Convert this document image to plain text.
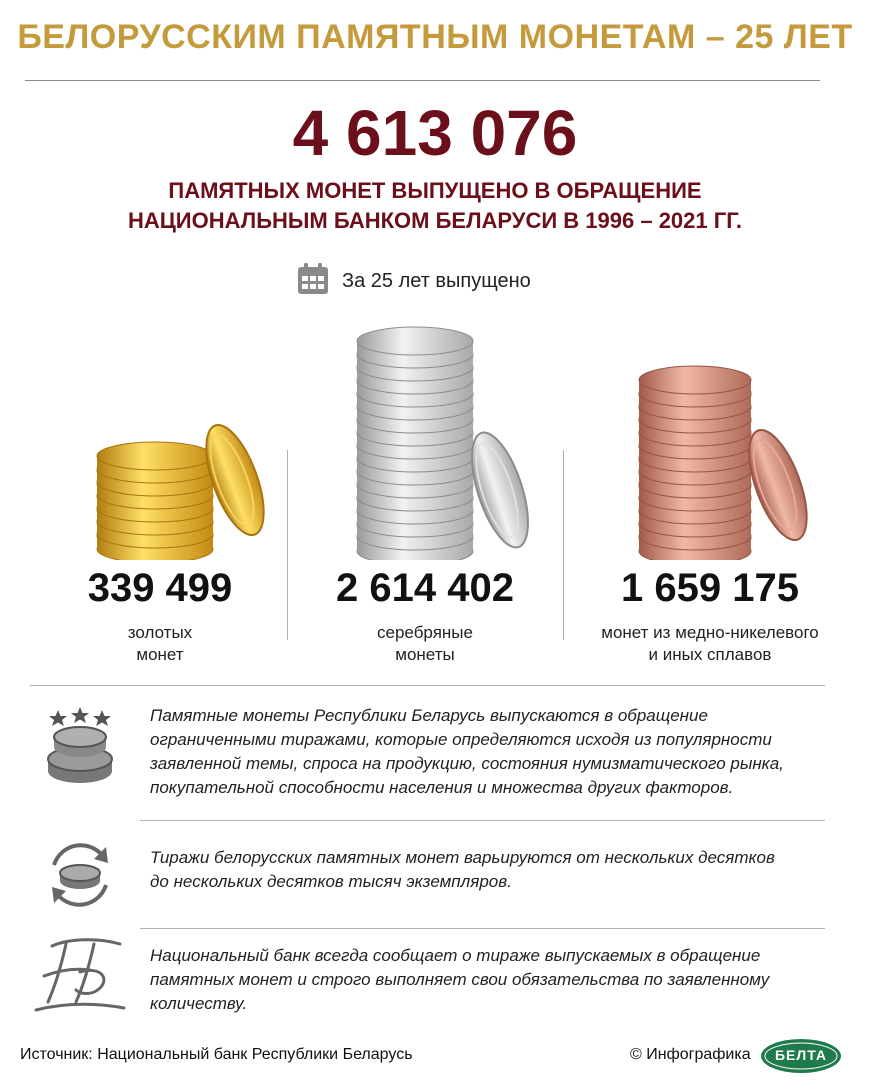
БЕЛОРУССКИМ ПАМЯТНЫМ МОНЕТАМ – 25 ЛЕТ
4 613 076
ПАМЯТНЫХ МОНЕТ ВЫПУЩЕНО В ОБРАЩЕНИЕ
НАЦИОНАЛЬНЫМ БАНКОМ БЕЛАРУСИ В 1996 – 2021 ГГ.
За 25 лет выпущено
339 499
золотых
монет
2 614 402
серебряные
монеты
1 659 175
монет из медно-никелевого
и иных сплавов
Памятные монеты Республики Беларусь выпускаются в обращение
ограниченными тиражами, которые определяются исходя из популярности
заявленной темы, спроса на продукцию, состояния нумизматического рынка,
покупательной способности населения и множества других факторов.
Тиражи белорусских памятных монет варьируются от нескольких десятков
до нескольких десятков тысяч экземпляров.
Национальный банк всегда сообщает о тираже выпускаемых в обращение
памятных монет и строго выполняет свои обязательства по заявленному
количеству.
Источник: Национальный банк Республики Беларусь	© Инфографика	БЕЛТА
